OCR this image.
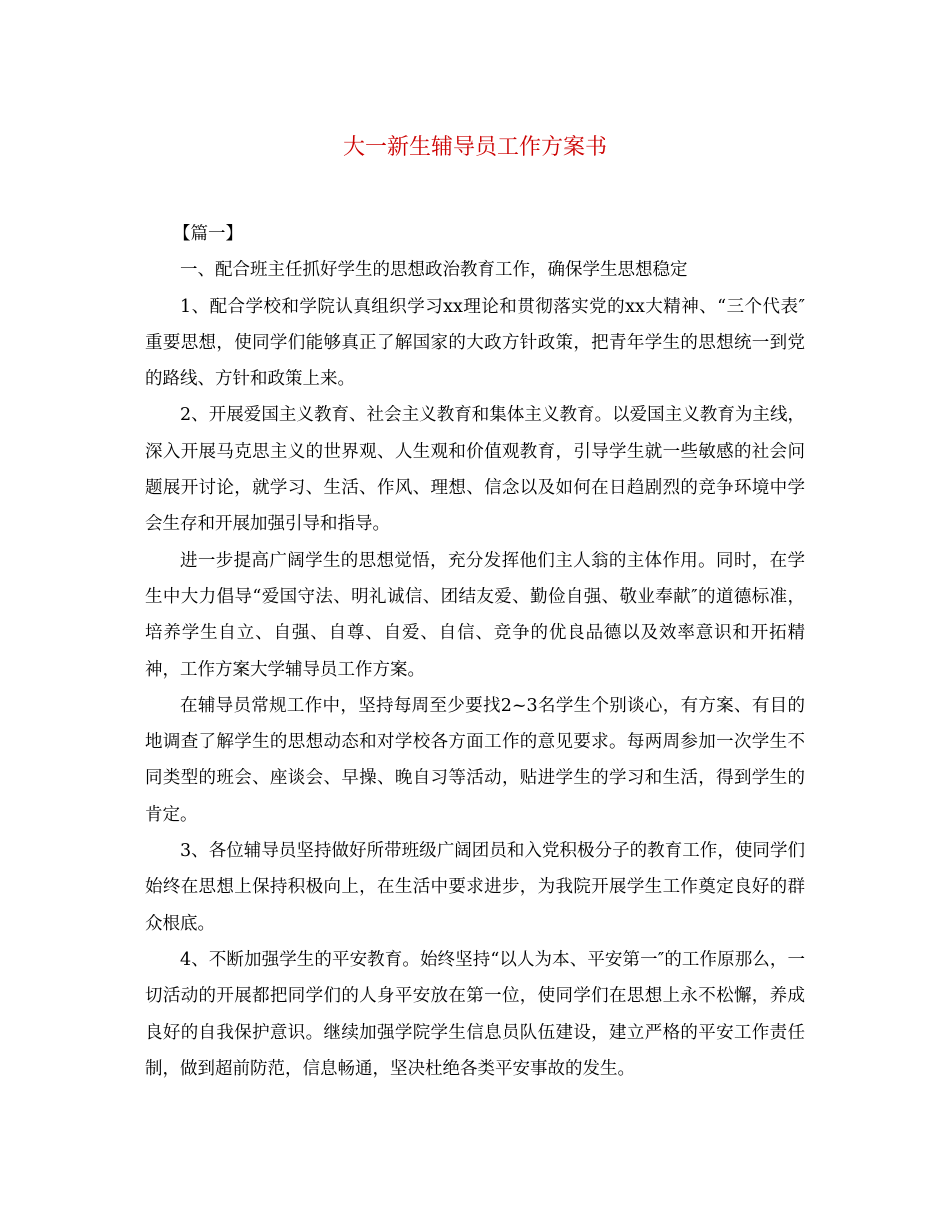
大一新生辅导员工作方案书

【篇一】

一、配合班主任抓好学生的思想政治教育工作，确保学生思想稳定

1、配合学校和学院认真组织学习xx理论和贯彻落实党的xx大精神、“三个代表″重要思想，使同学们能够真正了解国家的大政方针政策，把青年学生的思想统一到党的路线、方针和政策上来。

2、开展爱国主义教育、社会主义教育和集体主义教育。以爱国主义教育为主线，深入开展马克思主义的世界观、人生观和价值观教育，引导学生就一些敏感的社会问题展开讨论，就学习、生活、作风、理想、信念以及如何在日趋剧烈的竞争环境中学会生存和开展加强引导和指导。

进一步提高广阔学生的思想觉悟，充分发挥他们主人翁的主体作用。同时，在学生中大力倡导“爱国守法、明礼诚信、团结友爱、勤俭自强、敬业奉献″的道德标准，培养学生自立、自强、自尊、自爱、自信、竞争的优良品德以及效率意识和开拓精神，工作方案大学辅导员工作方案。

在辅导员常规工作中，坚持每周至少要找2~3名学生个别谈心，有方案、有目的地调查了解学生的思想动态和对学校各方面工作的意见要求。每两周参加一次学生不同类型的班会、座谈会、早操、晚自习等活动，贴进学生的学习和生活，得到学生的肯定。

3、各位辅导员坚持做好所带班级广阔团员和入党积极分子的教育工作，使同学们始终在思想上保持积极向上，在生活中要求进步，为我院开展学生工作奠定良好的群众根底。

4、不断加强学生的平安教育。始终坚持“以人为本、平安第一″的工作原那么，一切活动的开展都把同学们的人身平安放在第一位，使同学们在思想上永不松懈，养成良好的自我保护意识。继续加强学院学生信息员队伍建设，建立严格的平安工作责任制，做到超前防范，信息畅通，坚决杜绝各类平安事故的发生。
